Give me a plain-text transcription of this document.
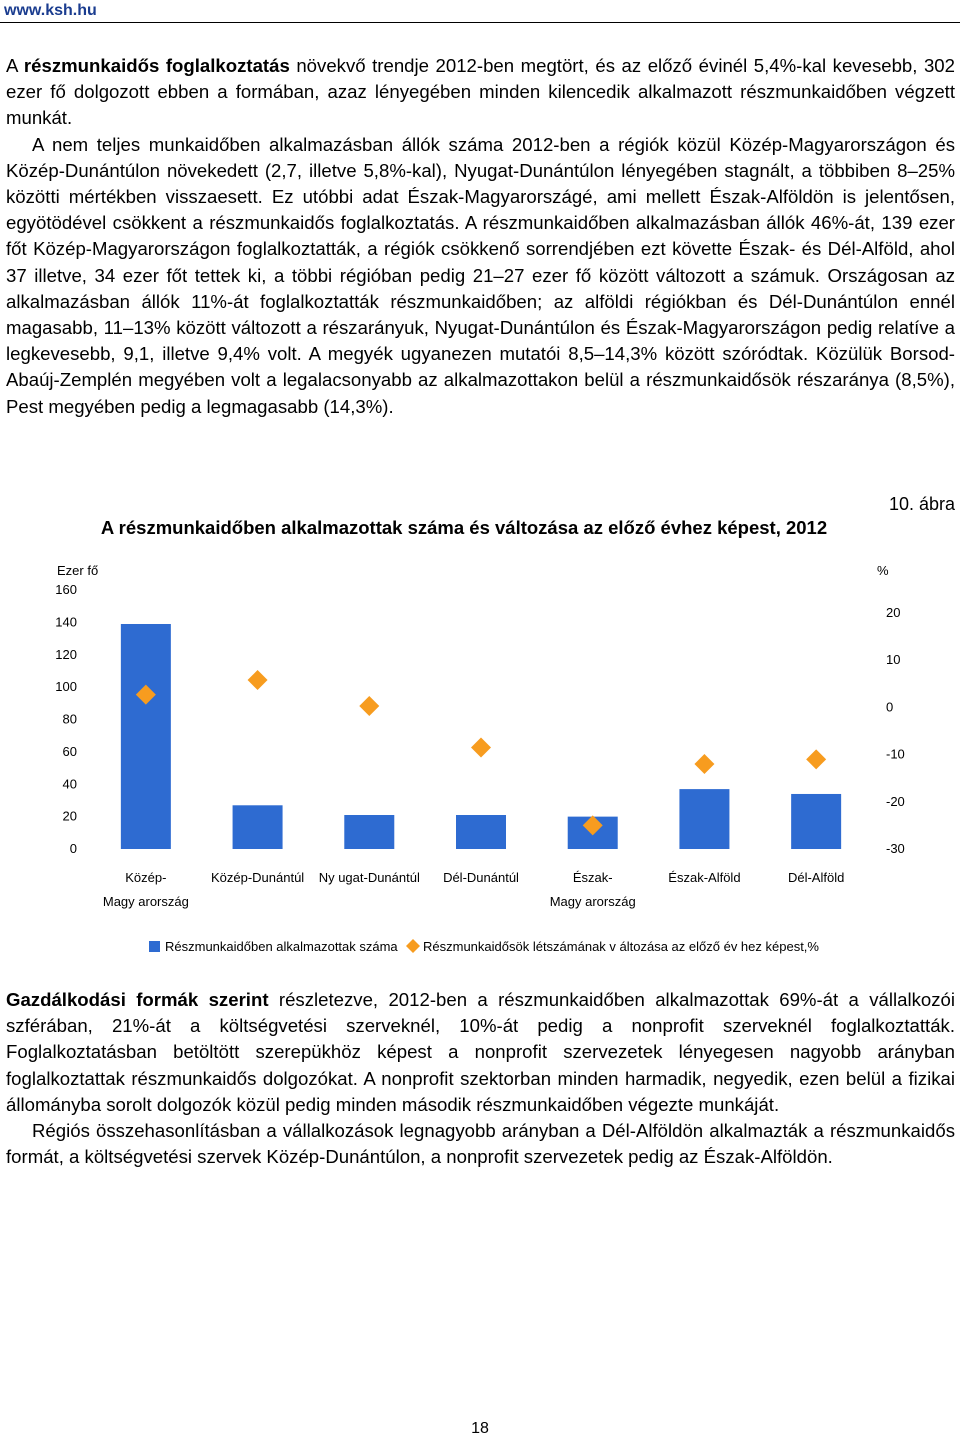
www.ksh.hu

A részmunkaidős foglalkoztatás növekvő trendje 2012-ben megtört, és az előző évinél 5,4%-kal kevesebb, 302 ezer fő dolgozott ebben a formában, azaz lényegében minden kilencedik alkalmazott részmunkaidőben végzett munkát.

A nem teljes munkaidőben alkalmazásban állók száma 2012-ben a régiók közül Közép-Magyarországon és Közép-Dunántúlon növekedett (2,7, illetve 5,8%-kal), Nyugat-Dunántúlon lényegében stagnált, a többiben 8–25% közötti mértékben visszaesett. Ez utóbbi adat Észak-Magyarországé, ami mellett Észak-Alföldön is jelentősen, egyötödével csökkent a részmunkaidős foglalkoztatás. A részmunkaidőben alkalmazásban állók 46%-át, 139 ezer főt Közép-Magyarországon foglalkoztatták, a régiók csökkenő sorrendjében ezt követte Észak- és Dél-Alföld, ahol 37 illetve, 34 ezer főt tettek ki, a többi régióban pedig 21–27 ezer fő között változott a számuk. Országosan az alkalmazásban állók 11%-át foglalkoztatták részmunkaidőben; az alföldi régiókban és Dél-Dunántúlon ennél magasabb, 11–13% között változott a részarányuk, Nyugat-Dunántúlon és Észak-Magyarországon pedig relatíve a legkevesebb, 9,1, illetve 9,4% volt. A megyék ugyanezen mutatói 8,5–14,3% között szóródtak. Közülük Borsod-Abaúj-Zemplén megyében volt a legalacsonyabb az alkalmazottakon belül a részmunkaidősök részaránya (8,5%), Pest megyében pedig a legmagasabb (14,3%).

10. ábra
A részmunkaidőben alkalmazottak száma és változása az előző évhez képest, 2012
Ezer fő	%
0
20
40
60
80
100
120
140
160
-30
-20
-10
0
10
20
Közép-
Magy arország
Közép-Dunántúl Ny ugat-Dunántúl Dél-Dunántúl	Észak-
Magy arország
Észak-Alföld	Dél-Alföld
Részmunkaidőben alkalmazottak száma Részmunkaidősök létszámának v áltozása az előző év hez képest,%

Gazdálkodási formák szerint részletezve, 2012-ben a részmunkaidőben alkalmazottak 69%-át a vállalkozói szférában, 21%-át a költségvetési szerveknél, 10%-át pedig a nonprofit szerveknél foglalkoztatták. Foglalkoztatásban betöltött szerepükhöz képest a nonprofit szervezetek lényegesen nagyobb arányban foglalkoztattak részmunkaidős dolgozókat. A nonprofit szektorban minden harmadik, negyedik, ezen belül a fizikai állományba sorolt dolgozók közül pedig minden második részmunkaidőben végezte munkáját.

Régiós összehasonlításban a vállalkozások legnagyobb arányban a Dél-Alföldön alkalmazták a részmunkaidős formát, a költségvetési szervek Közép-Dunántúlon, a nonprofit szervezetek pedig az Észak-Alföldön.

18
